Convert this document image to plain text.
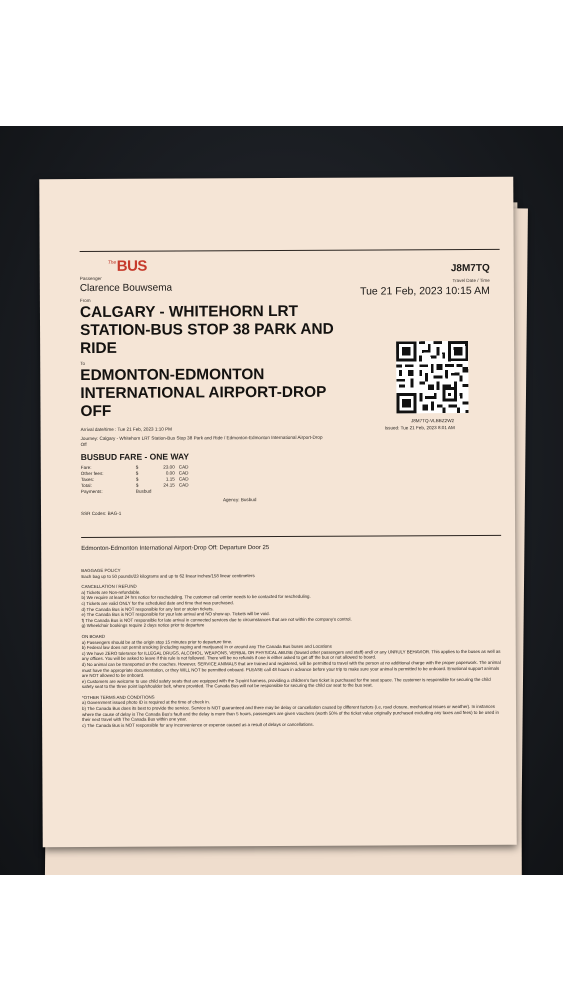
The BUS	J8M7TQ
Passenger
Clarence Bouwsema
Travel Date / Time
Tue 21 Feb, 2023 10:15 AM
From
CALGARY - WHITEHORN LRT
STATION-BUS STOP 38 PARK AND
RIDE
To
EDMONTON-EDMONTON
INTERNATIONAL AIRPORT-DROP
OFF
J8M7TQ-VLBBZ2W2
Issued: Tue 21 Feb, 2023 8:01 AM
Arrival date/time : Tue 21 Feb, 2023 1:10 PM
Journey: Calgary - Whitehorn LRT Station-Bus Stop 38 Park and Ride / Edmonton-Edmonton International Airport-Drop
Off
BUSBUD FARE - ONE WAY
Fare:	$	23.00 CAD
Other fees:	$	0.00 CAD
Taxes:	$	1.15 CAD
Total:	$	24.15 CAD
Payments:	Busbud
Agency: Busbud
SSR Codes: BAG-1
Edmonton-Edmonton International Airport-Drop Off: Departure Door 25

BAGGAGE POLICY

Each bag up to 50 pounds/23 kilograms and up to 62 linear inches/158 linear centimeters

CANCELLATION / REFUND

a) Tickets are Non-refundable.

b) We require at least 24 hrs notice for rescheduling. The customer call center needs to be contacted for rescheduling.

c) Tickets are valid ONLY for the scheduled date and time that was purchased.

d) The Canada Bus is NOT responsible for any lost or stolen tickets.

e) The Canada Bus is NOT responsible for your late arrival and NO show-up. Tickets will be void.

f) The Canada Bus is NOT responsible for late arrival in connected services due to circumstances that are not within the company's control.

g) Wheelchair bookings require 2 days notice prior to departure

ON BOARD

a) Passengers should be at the origin stop 15 minutes prior to departure time.

b) Federal law does not permit smoking (including vaping and marijuana) in or around any The Canada Bus buses and Locations

c) We have ZERO tolerance for ILLEGAL DRUGS, ALCOHOL, WEAPONS, VERBAL OR PHYSICAL ABUSE (toward other passengers and staff) and/ or any UNRULY BEHAVIOR. This applies to the buses as well as any offices. You will be asked to leave if this rule is not followed. There will be no refunds if one is either asked to get off the bus or not allowed to board.

d) No animal can be transported on the coaches. However, SERVICE ANIMALS that are trained and registered, will be permitted to travel with the person at no additional charge with the proper paperwork. The animal must have the appropriate documentation, or they WILL NOT be permitted onboard. PLEASE call 48 hours in advance before your trip to make sure your animal is permitted to be onboard. Emotional support animals are NOT allowed to be onboard.

e) Customers are welcome to use child safety seats that are equipped with the 3-point harness, providing a children's fare ticket is purchased for the seat space. The customer is responsible for securing the child safety seat to the three point lap/shoulder belt, where provided. The Canada Bus will not be responsible for securing the child car seat to the bus seat.

*OTHER TERMS AND CONDITIONS

a) Government issued photo ID is required at the time of check in.

b) The Canada Bus does its best to provide the service. Service is NOT guaranteed and there may be delay or cancellation caused by different factors (i.e, road closure, mechanical issues or weather). In instances where the cause of delay is The Canada Bus's fault and the delay is more than 5 hours, passengers are given vouchers (worth 50% of the ticket value originally purchased excluding any taxes and fees) to be used in their next travel with The Canada Bus within one year.

c) The Canada Bus is NOT responsible for any inconvenience or expense caused as a result of delays or cancellations.
